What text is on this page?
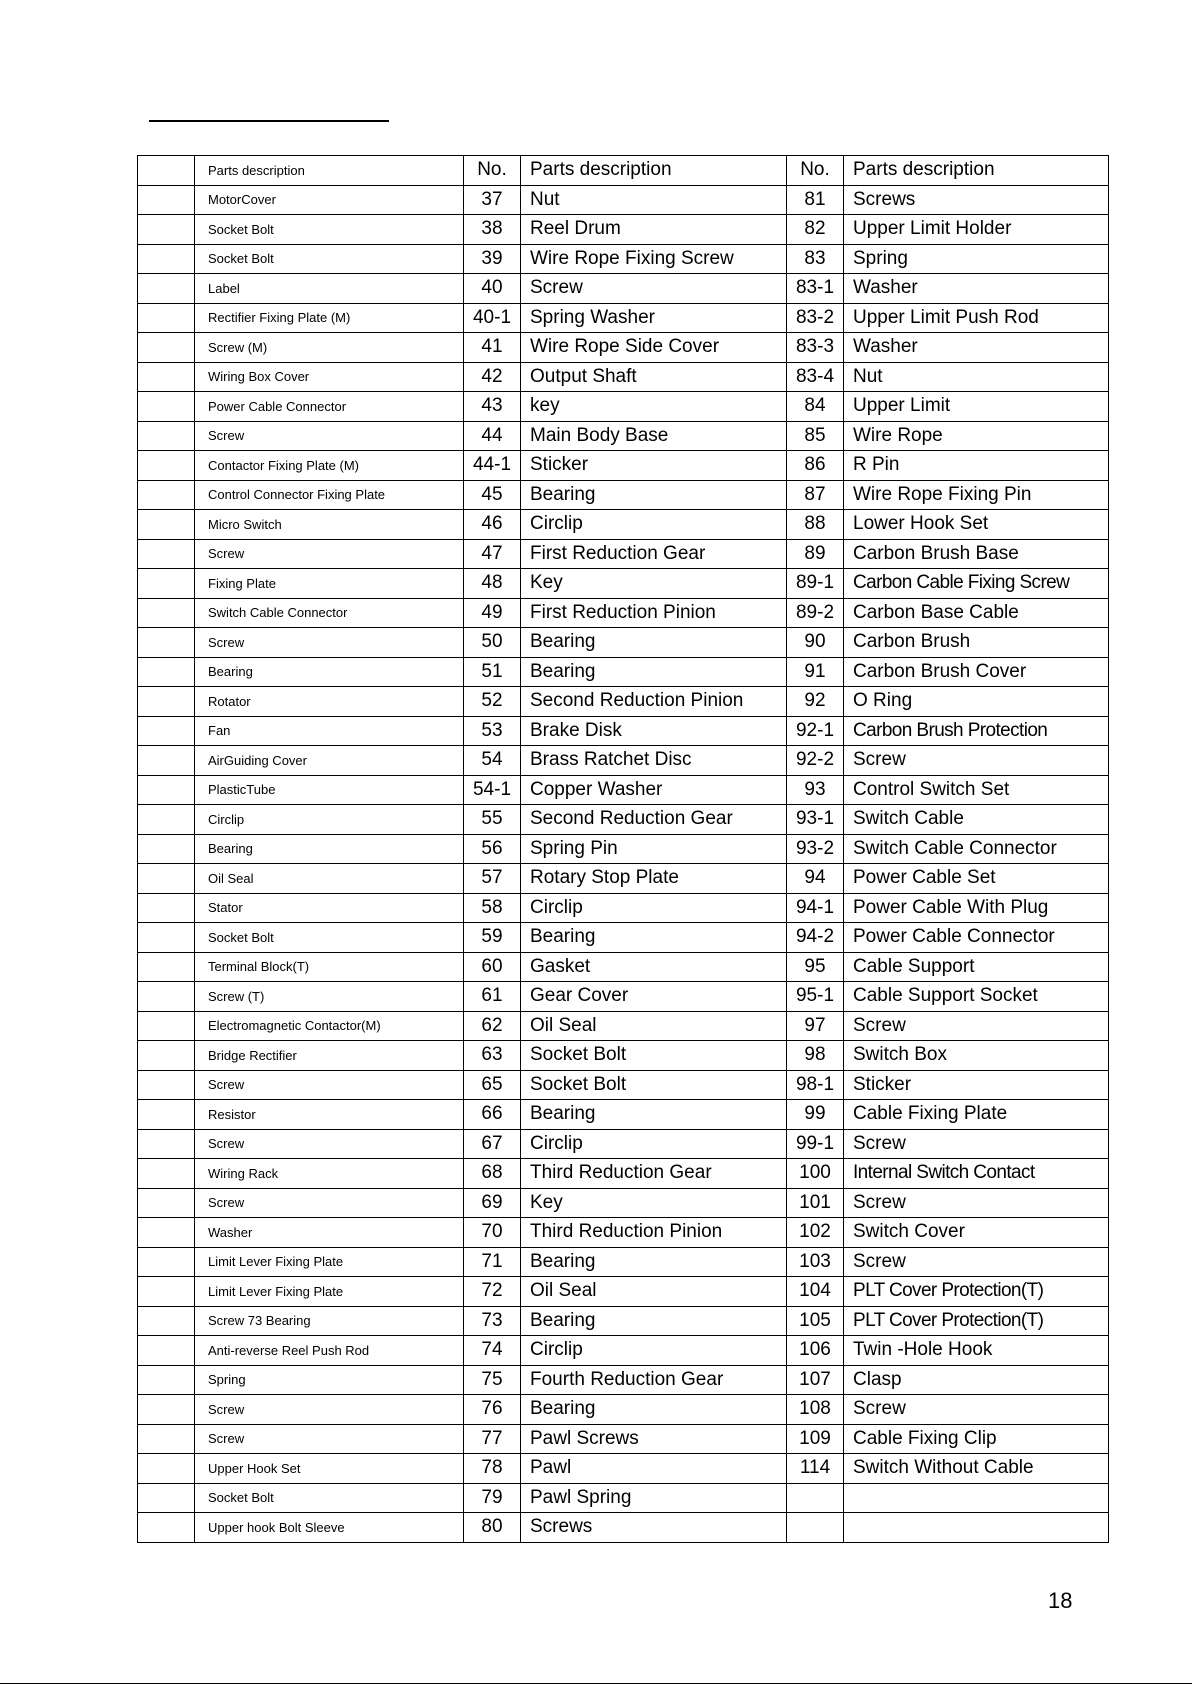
	Parts description	No.	Parts description	No.	Parts description
	MotorCover	37	Nut	81	Screws
	Socket Bolt	38	Reel Drum	82	Upper Limit Holder
	Socket Bolt	39	Wire Rope Fixing Screw	83	Spring
	Label	40	Screw	83-1	Washer
	Rectifier Fixing Plate (M)	40-1	Spring Washer	83-2	Upper Limit Push Rod
	Screw (M)	41	Wire Rope Side Cover	83-3	Washer
	Wiring Box Cover	42	Output Shaft	83-4	Nut
	Power Cable Connector	43	key	84	Upper Limit
	Screw	44	Main Body Base	85	Wire Rope
	Contactor Fixing Plate (M)	44-1	Sticker	86	R Pin
	Control Connector Fixing Plate	45	Bearing	87	Wire Rope Fixing Pin
	Micro Switch	46	Circlip	88	Lower Hook Set
	Screw	47	First Reduction Gear	89	Carbon Brush Base
	Fixing Plate	48	Key	89-1	Carbon Cable Fixing Screw
	Switch Cable Connector	49	First Reduction Pinion	89-2	Carbon Base Cable
	Screw	50	Bearing	90	Carbon Brush
	Bearing	51	Bearing	91	Carbon Brush Cover
	Rotator	52	Second Reduction Pinion	92	O Ring
	Fan	53	Brake Disk	92-1	Carbon Brush Protection
	AirGuiding Cover	54	Brass Ratchet Disc	92-2	Screw
	PlasticTube	54-1	Copper Washer	93	Control Switch Set
	Circlip	55	Second Reduction Gear	93-1	Switch Cable
	Bearing	56	Spring Pin	93-2	Switch Cable Connector
	Oil Seal	57	Rotary Stop Plate	94	Power Cable Set
	Stator	58	Circlip	94-1	Power Cable With Plug
	Socket Bolt	59	Bearing	94-2	Power Cable Connector
	Terminal Block(T)	60	Gasket	95	Cable Support
	Screw (T)	61	Gear Cover	95-1	Cable Support Socket
	Electromagnetic Contactor(M)	62	Oil Seal	97	Screw
	Bridge Rectifier	63	Socket Bolt	98	Switch Box
	Screw	65	Socket Bolt	98-1	Sticker
	Resistor	66	Bearing	99	Cable Fixing Plate
	Screw	67	Circlip	99-1	Screw
	Wiring Rack	68	Third Reduction Gear	100	Internal Switch Contact
	Screw	69	Key	101	Screw
	Washer	70	Third Reduction Pinion	102	Switch Cover
	Limit Lever Fixing Plate	71	Bearing	103	Screw
	Limit Lever Fixing Plate	72	Oil Seal	104	PLT Cover Protection(T)
	Screw 73 Bearing	73	Bearing	105	PLT Cover Protection(T)
	Anti-reverse Reel Push Rod	74	Circlip	106	Twin -Hole Hook
	Spring	75	Fourth Reduction Gear	107	Clasp
	Screw	76	Bearing	108	Screw
	Screw	77	Pawl Screws	109	Cable Fixing Clip
	Upper Hook Set	78	Pawl	114	Switch Without Cable
	Socket Bolt	79	Pawl Spring		
	Upper hook Bolt Sleeve	80	Screws		
18
